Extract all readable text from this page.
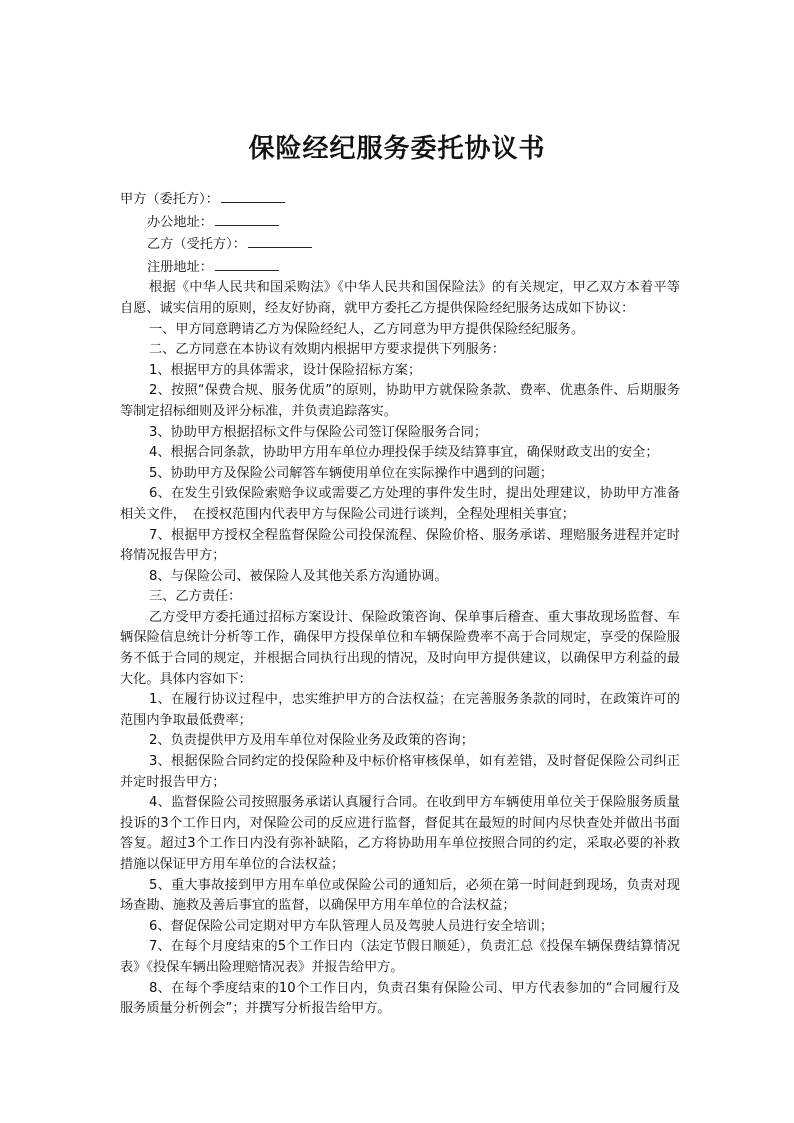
保险经纪服务委托协议书

甲方（委托方）：

办公地址：

乙方（受托方）：

注册地址：

根据《中华人民共和国采购法》《中华人民共和国保险法》的有关规定，甲乙双方本着平等自愿、诚实信用的原则，经友好协商，就甲方委托乙方提供保险经纪服务达成如下协议：

一、甲方同意聘请乙方为保险经纪人，乙方同意为甲方提供保险经纪服务。

二、乙方同意在本协议有效期内根据甲方要求提供下列服务：

1、根据甲方的具体需求，设计保险招标方案；

2、按照“保费合规、服务优质”的原则，协助甲方就保险条款、费率、优惠条件、后期服务等制定招标细则及评分标准，并负责追踪落实。

3、协助甲方根据招标文件与保险公司签订保险服务合同；

4、根据合同条款，协助甲方用车单位办理投保手续及结算事宜，确保财政支出的安全；

5、协助甲方及保险公司解答车辆使用单位在实际操作中遇到的问题；

6、在发生引致保险索赔争议或需要乙方处理的事件发生时，提出处理建议，协助甲方准备相关文件，　在授权范围内代表甲方与保险公司进行谈判，全程处理相关事宜；

7、根据甲方授权全程监督保险公司投保流程、保险价格、服务承诺、理赔服务进程并定时将情况报告甲方；

8、与保险公司、被保险人及其他关系方沟通协调。

三、乙方责任：

乙方受甲方委托通过招标方案设计、保险政策咨询、保单事后稽查、重大事故现场监督、车辆保险信息统计分析等工作，确保甲方投保单位和车辆保险费率不高于合同规定，享受的保险服务不低于合同的规定，并根据合同执行出现的情况，及时向甲方提供建议，以确保甲方利益的最大化。具体内容如下：

1、在履行协议过程中，忠实维护甲方的合法权益；在完善服务条款的同时，在政策许可的范围内争取最低费率；

2、负责提供甲方及用车单位对保险业务及政策的咨询；

3、根据保险合同约定的投保险种及中标价格审核保单，如有差错，及时督促保险公司纠正并定时报告甲方；

4、监督保险公司按照服务承诺认真履行合同。在收到甲方车辆使用单位关于保险服务质量投诉的3个工作日内，对保险公司的反应进行监督，督促其在最短的时间内尽快查处并做出书面答复。超过3个工作日内没有弥补缺陷，乙方将协助用车单位按照合同的约定，采取必要的补救措施以保证甲方用车单位的合法权益；

5、重大事故接到甲方用车单位或保险公司的通知后，必须在第一时间赶到现场，负责对现场查勘、施救及善后事宜的监督，以确保甲方用车单位的合法权益；

6、督促保险公司定期对甲方车队管理人员及驾驶人员进行安全培训；

7、在每个月度结束的5个工作日内（法定节假日顺延），负责汇总《投保车辆保费结算情况表》《投保车辆出险理赔情况表》并报告给甲方。

8、在每个季度结束的10个工作日内，负责召集有保险公司、甲方代表参加的“合同履行及服务质量分析例会”；并撰写分析报告给甲方。
